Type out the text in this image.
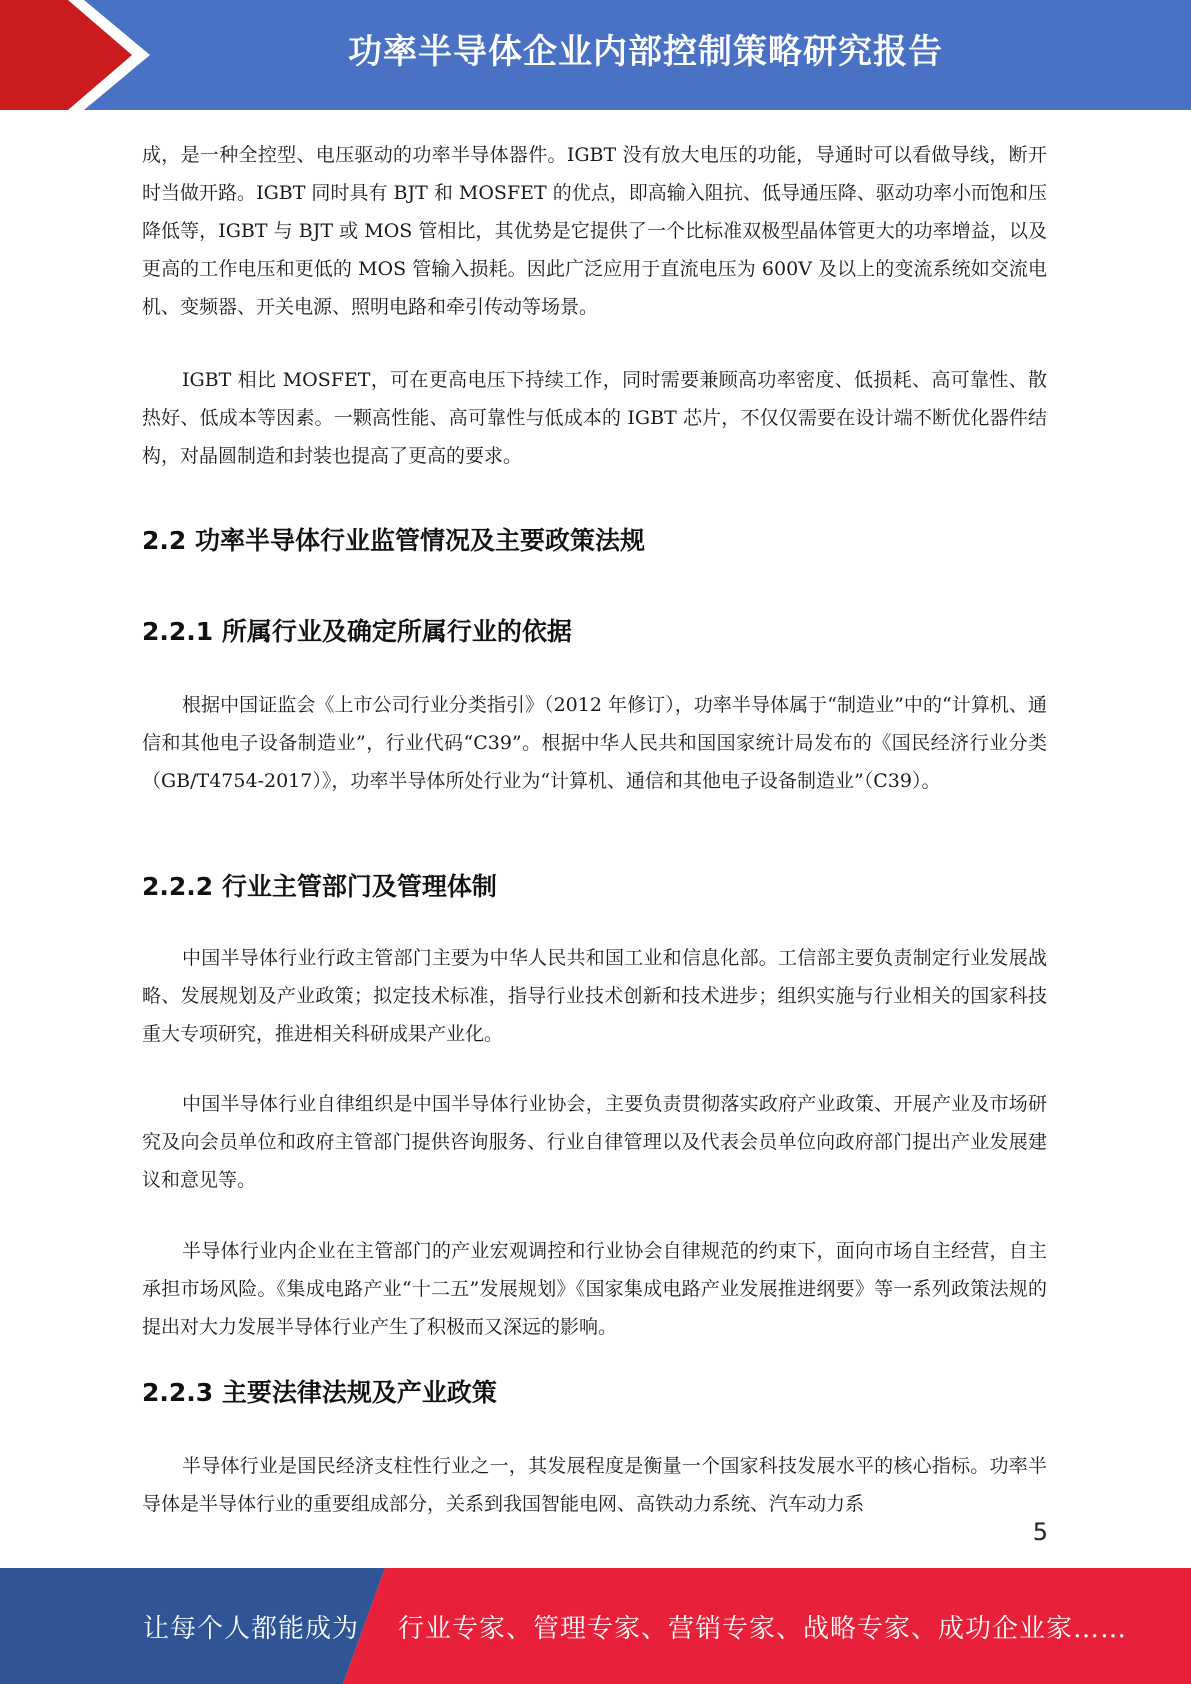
功率半导体企业内部控制策略研究报告

成，是一种全控型、电压驱动的功率半导体器件。IGBT 没有放大电压的功能，导通时可以看做导线，断开时当做开路。IGBT 同时具有 BJT 和 MOSFET 的优点，即高输入阻抗、低导通压降、驱动功率小而饱和压降低等，IGBT 与 BJT 或 MOS 管相比，其优势是它提供了一个比标准双极型晶体管更大的功率增益，以及更高的工作电压和更低的 MOS 管输入损耗。因此广泛应用于直流电压为 600V 及以上的变流系统如交流电机、变频器、开关电源、照明电路和牵引传动等场景。

IGBT 相比 MOSFET，可在更高电压下持续工作，同时需要兼顾高功率密度、低损耗、高可靠性、散热好、低成本等因素。一颗高性能、高可靠性与低成本的 IGBT 芯片，不仅仅需要在设计端不断优化器件结构，对晶圆制造和封装也提高了更高的要求。

2.2 功率半导体行业监管情况及主要政策法规
2.2.1 所属行业及确定所属行业的依据

根据中国证监会《上市公司行业分类指引》（2012 年修订），功率半导体属于“制造业”中的“计算机、通信和其他电子设备制造业”，行业代码“C39”。根据中华人民共和国国家统计局发布的《国民经济行业分类（GB/T4754-2017）》，功率半导体所处行业为“计算机、通信和其他电子设备制造业”（C39）。

2.2.2 行业主管部门及管理体制

中国半导体行业行政主管部门主要为中华人民共和国工业和信息化部。工信部主要负责制定行业发展战略、发展规划及产业政策；拟定技术标准，指导行业技术创新和技术进步；组织实施与行业相关的国家科技重大专项研究，推进相关科研成果产业化。

中国半导体行业自律组织是中国半导体行业协会，主要负责贯彻落实政府产业政策、开展产业及市场研究及向会员单位和政府主管部门提供咨询服务、行业自律管理以及代表会员单位向政府部门提出产业发展建议和意见等。

半导体行业内企业在主管部门的产业宏观调控和行业协会自律规范的约束下，面向市场自主经营，自主承担市场风险。《集成电路产业“十二五”发展规划》《国家集成电路产业发展推进纲要》等一系列政策法规的提出对大力发展半导体行业产生了积极而又深远的影响。

2.2.3 主要法律法规及产业政策

半导体行业是国民经济支柱性行业之一，其发展程度是衡量一个国家科技发展水平的核心指标。功率半导体是半导体行业的重要组成部分，关系到我国智能电网、高铁动力系统、汽车动力系

5
让每个人都能成为 行业专家、管理专家、营销专家、战略专家、成功企业家……
